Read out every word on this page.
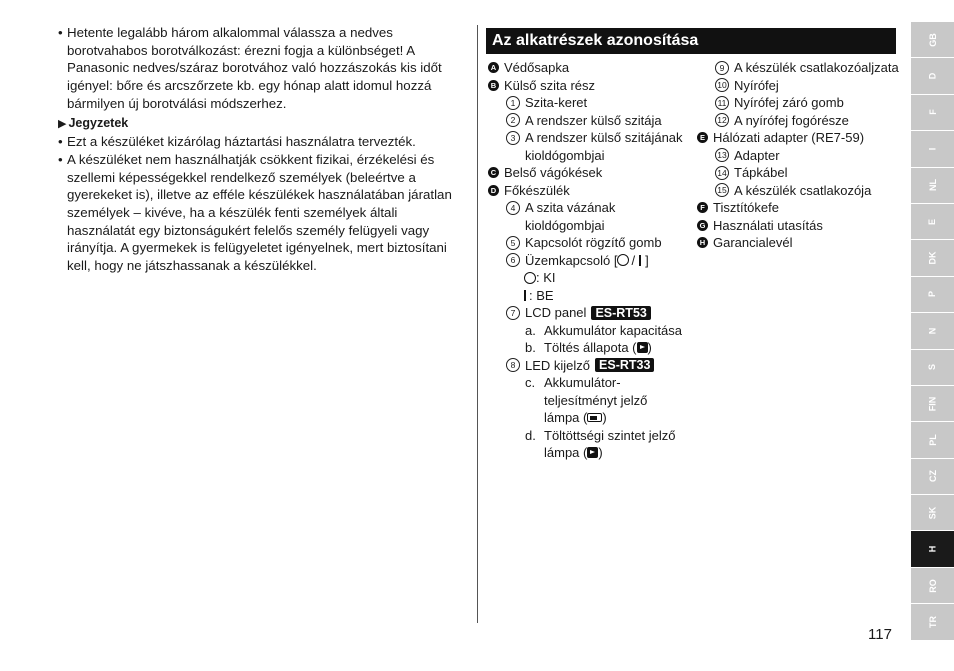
• Hetente legalább három alkalommal válassza a nedves borotvahabos borotválkozást: érezni fogja a különbséget! A Panasonic nedves/száraz borotvához való hozzászokás kis időt igényel: bőre és arcszőrzete kb. egy hónap alatt idomul hozzá bármilyen új borotválási módszerhez.
▶ Jegyzetek
• Ezt a készüléket kizárólag háztartási használatra tervezték.
• A készüléket nem használhatják csökkent fizikai, érzékelési és szellemi képességekkel rendelkező személyek (beleértve a gyerekeket is), illetve az efféle készülékek használatában járatlan személyek – kivéve, ha a készülék fenti személyek általi használatát egy biztonságukért felelős személy felügyeli vagy irányítja. A gyermekek is felügyeletet igényelnek, mert biztosítani kell, hogy ne játszhassanak a készülékkel.
Az alkatrészek azonosítása
A Védősapka
B Külső szita rész
1 Szita-keret
2 A rendszer külső szitája
3 A rendszer külső szitájának kioldógombjai
C Belső vágókések
D Főkészülék
4 A szita vázának kioldógombjai
5 Kapcsolót rögzítő gomb
6 Üzemkapcsoló [ / ]
: KI
: BE
7 LCD panel ES-RT53
a. Akkumulátor kapacitása
b. Töltés állapota ( )
8 LED kijelző ES-RT33
c. Akkumulátor-teljesítményt jelző lámpa ( )
d. Töltöttségi szintet jelző lámpa ( )
9 A készülék csatlakozóaljzata
10 Nyírófej
11 Nyírófej záró gomb
12 A nyírófej fogórésze
E Hálózati adapter (RE7-59)
13 Adapter
14 Tápkábel
15 A készülék csatlakozója
F Tisztítókefe
G Használati utasítás
H Garancialevél
GB
D
F
I
NL
E
DK
P
N
S
FIN
PL
CZ
SK
H
RO
TR
117
